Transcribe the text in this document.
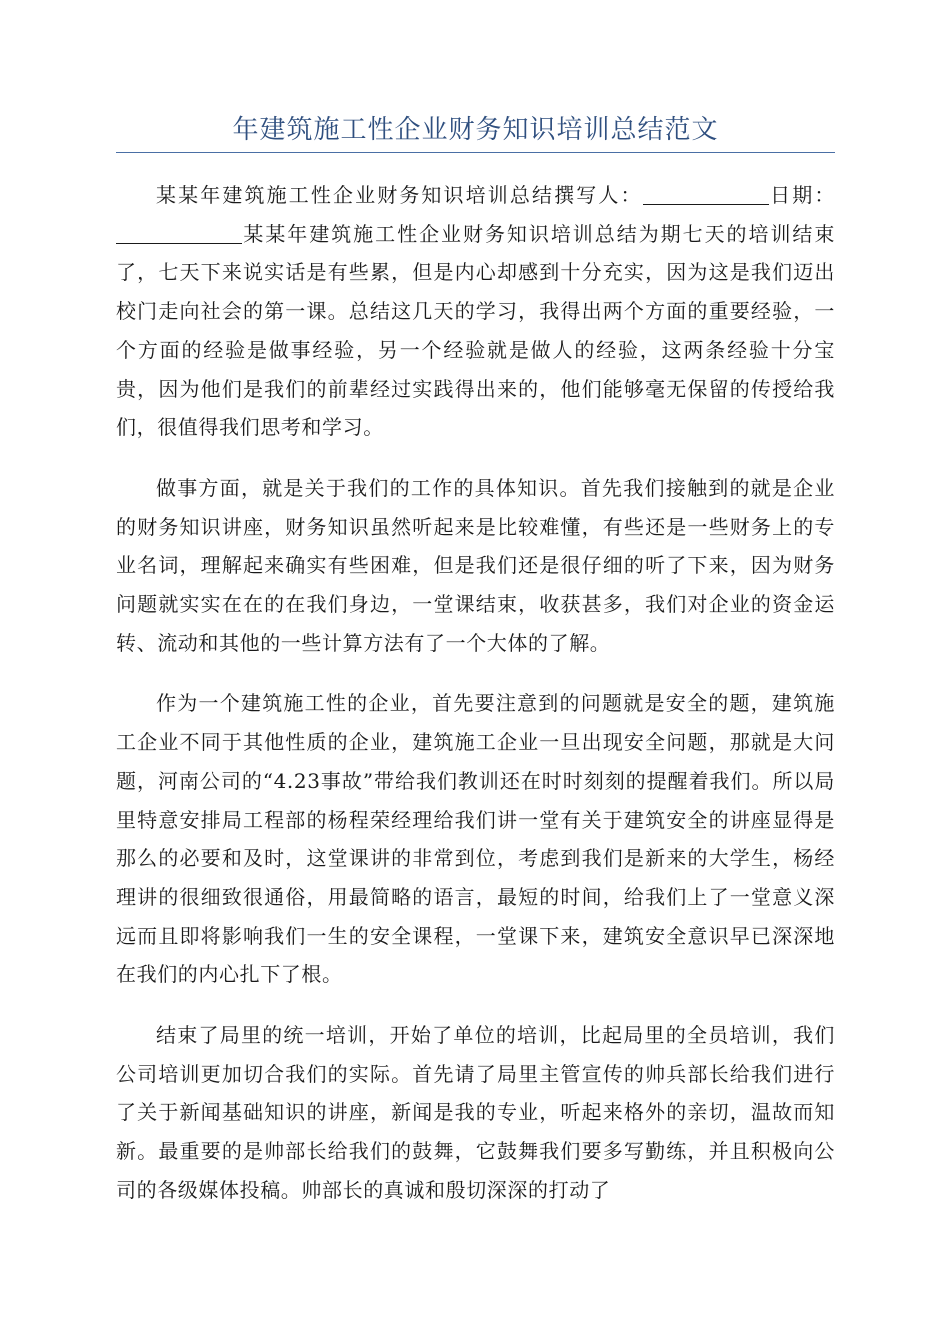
年建筑施工性企业财务知识培训总结范文

某某年建筑施工性企业财务知识培训总结撰写人：	日期：某某年建筑施工性企业财务知识培训总结为期七天的培训结束了，七天下来说实话是有些累，但是内心却感到十分充实，因为这是我们迈出校门走向社会的第一课。总结这几天的学习，我得出两个方面的重要经验，一个方面的经验是做事经验，另一个经验就是做人的经验，这两条经验十分宝贵，因为他们是我们的前辈经过实践得出来的，他们能够毫无保留的传授给我们，很值得我们思考和学习。

做事方面，就是关于我们的工作的具体知识。首先我们接触到的就是企业的财务知识讲座，财务知识虽然听起来是比较难懂，有些还是一些财务上的专业名词，理解起来确实有些困难，但是我们还是很仔细的听了下来，因为财务问题就实实在在的在我们身边，一堂课结束，收获甚多，我们对企业的资金运转、流动和其他的一些计算方法有了一个大体的了解。

作为一个建筑施工性的企业，首先要注意到的问题就是安全的题，建筑施工企业不同于其他性质的企业，建筑施工企业一旦出现安全问题，那就是大问题，河南公司的“4.23事故”带给我们教训还在时时刻刻的提醒着我们。所以局里特意安排局工程部的杨程荣经理给我们讲一堂有关于建筑安全的讲座显得是那么的必要和及时，这堂课讲的非常到位，考虑到我们是新来的大学生，杨经理讲的很细致很通俗，用最简略的语言，最短的时间，给我们上了一堂意义深远而且即将影响我们一生的安全课程，一堂课下来，建筑安全意识早已深深地在我们的内心扎下了根。

结束了局里的统一培训，开始了单位的培训，比起局里的全员培训，我们公司培训更加切合我们的实际。首先请了局里主管宣传的帅兵部长给我们进行了关于新闻基础知识的讲座，新闻是我的专业，听起来格外的亲切，温故而知新。最重要的是帅部长给我们的鼓舞，它鼓舞我们要多写勤练，并且积极向公司的各级媒体投稿。帅部长的真诚和殷切深深的打动了
